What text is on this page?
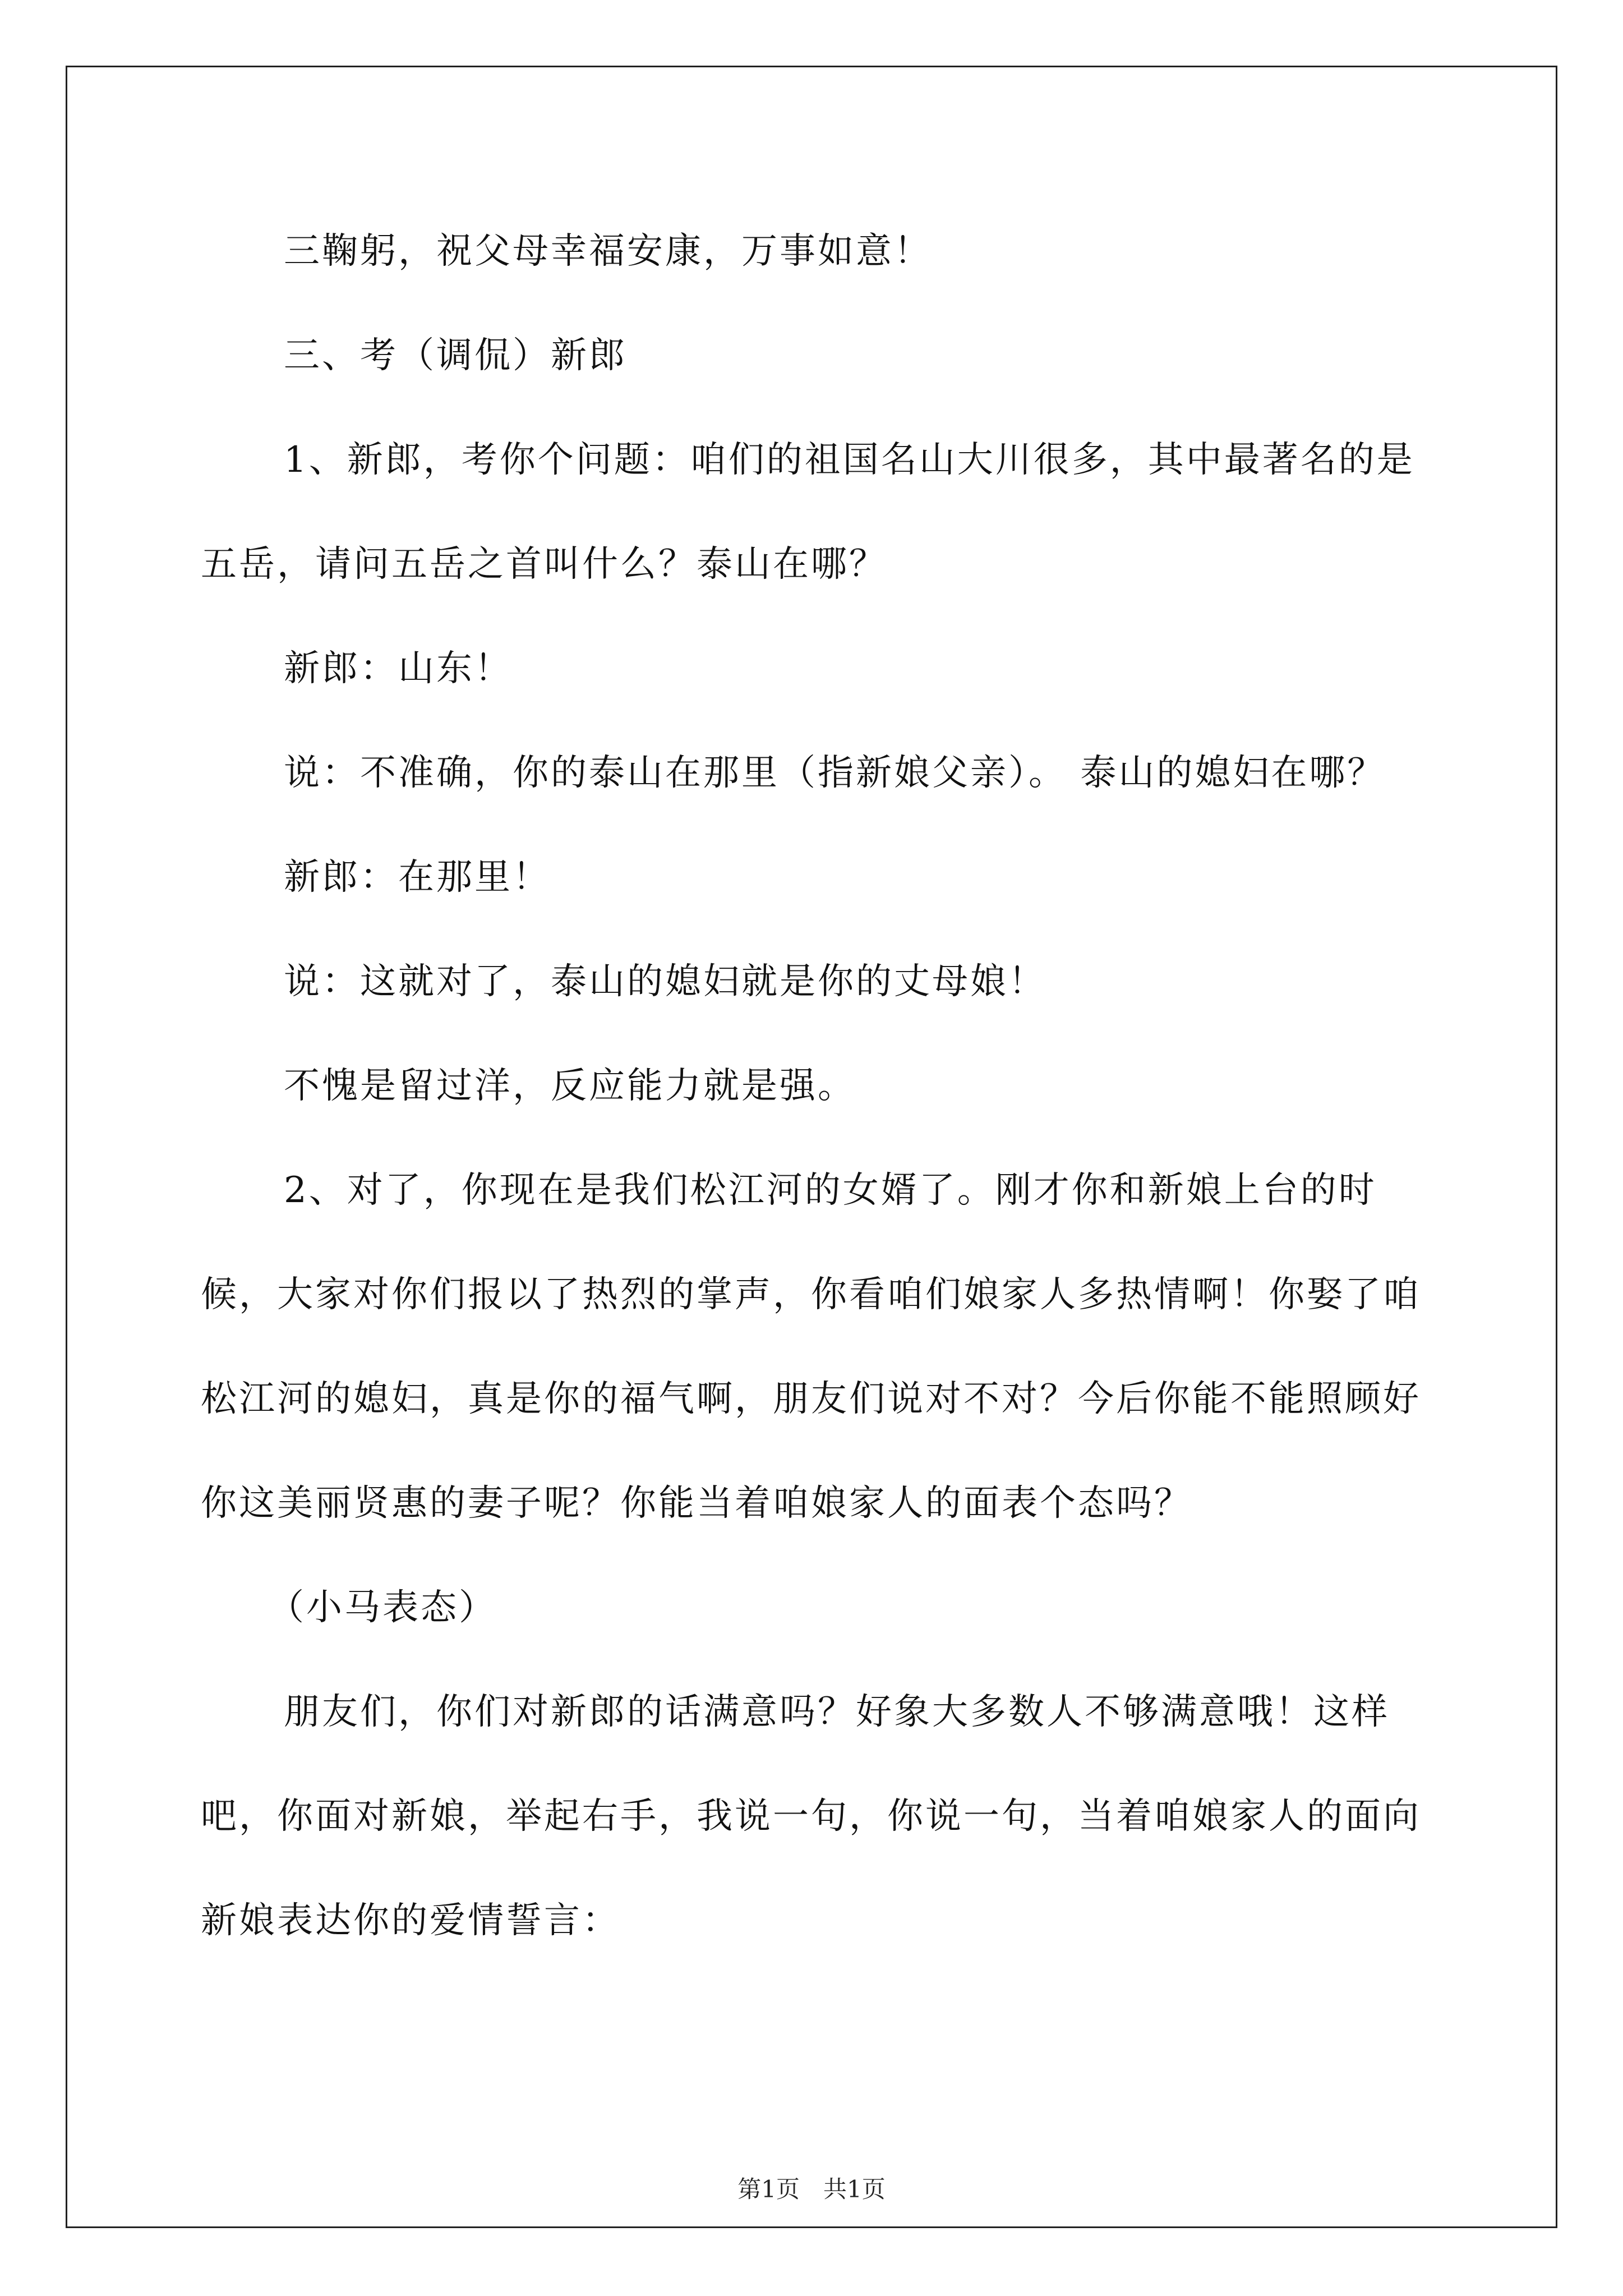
三鞠躬，祝父母幸福安康，万事如意！

三、考（调侃）新郎

1、新郎，考你个问题：咱们的祖国名山大川很多，其中最著名的是五岳，请问五岳之首叫什么？泰山在哪？

新郎：山东！

说：不准确，你的泰山在那里（指新娘父亲）。 泰山的媳妇在哪？

新郎：在那里！

说：这就对了，泰山的媳妇就是你的丈母娘！

不愧是留过洋，反应能力就是强。

2、对了，你现在是我们松江河的女婿了。刚才你和新娘上台的时候，大家对你们报以了热烈的掌声，你看咱们娘家人多热情啊！你娶了咱松江河的媳妇，真是你的福气啊，朋友们说对不对？今后你能不能照顾好你这美丽贤惠的妻子呢？你能当着咱娘家人的面表个态吗？

（小马表态）

朋友们，你们对新郎的话满意吗？好象大多数人不够满意哦！这样吧，你面对新娘，举起右手，我说一句，你说一句，当着咱娘家人的面向新娘表达你的爱情誓言：

第1页　共1页
